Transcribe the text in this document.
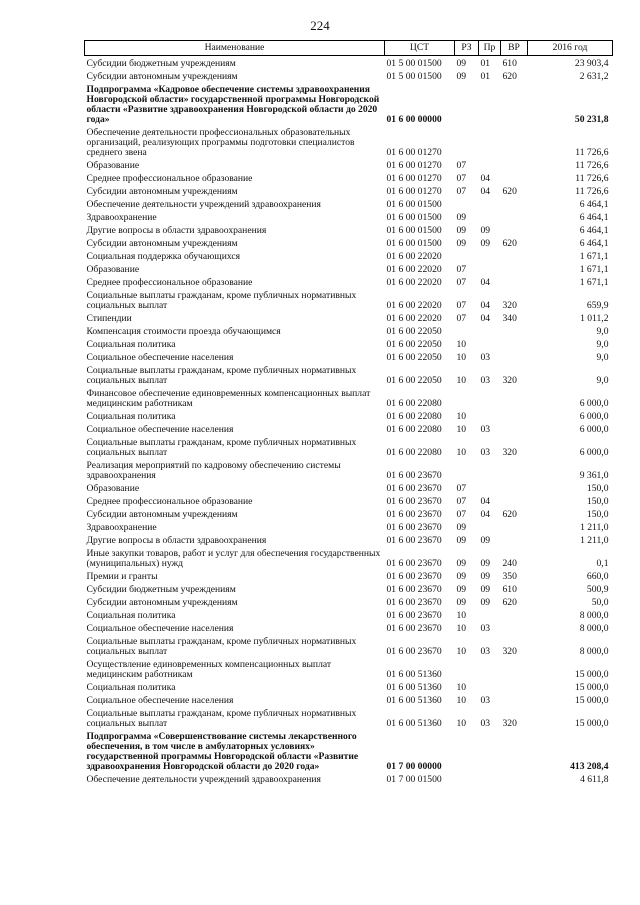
224
Наименование	ЦСТ	РЗ	Пр	ВР	2016 год
Субсидии бюджетным учреждениям	01 5 00 01500	09	01	610	23 903,4
Субсидии автономным учреждениям	01 5 00 01500	09	01	620	2 631,2
Подпрограмма «Кадровое обеспечение системы здравоохранения Новгородской области» государственной программы Новгородской области «Развитие здравоохранения Новгородской области до 2020 года»	01 6 00 00000				50 231,8
Обеспечение деятельности профессиональных образовательных организаций, реализующих программы подготовки специалистов среднего звена	01 6 00 01270				11 726,6
Образование	01 6 00 01270	07			11 726,6
Среднее профессиональное образование	01 6 00 01270	07	04		11 726,6
Субсидии автономным учреждениям	01 6 00 01270	07	04	620	11 726,6
Обеспечение деятельности учреждений здравоохранения	01 6 00 01500				6 464,1
Здравоохранение	01 6 00 01500	09			6 464,1
Другие вопросы в области здравоохранения	01 6 00 01500	09	09		6 464,1
Субсидии автономным учреждениям	01 6 00 01500	09	09	620	6 464,1
Социальная поддержка обучающихся	01 6 00 22020				1 671,1
Образование	01 6 00 22020	07			1 671,1
Среднее профессиональное образование	01 6 00 22020	07	04		1 671,1
Социальные выплаты гражданам, кроме публичных нормативных социальных выплат	01 6 00 22020	07	04	320	659,9
Стипендии	01 6 00 22020	07	04	340	1 011,2
Компенсация стоимости проезда обучающимся	01 6 00 22050				9,0
Социальная политика	01 6 00 22050	10			9,0
Социальное обеспечение населения	01 6 00 22050	10	03		9,0
Социальные выплаты гражданам, кроме публичных нормативных социальных выплат	01 6 00 22050	10	03	320	9,0
Финансовое обеспечение единовременных компенсационных выплат медицинским работникам	01 6 00 22080				6 000,0
Социальная политика	01 6 00 22080	10			6 000,0
Социальное обеспечение населения	01 6 00 22080	10	03		6 000,0
Социальные выплаты гражданам, кроме публичных нормативных социальных выплат	01 6 00 22080	10	03	320	6 000,0
Реализация мероприятий по кадровому обеспечению системы здравоохранения	01 6 00 23670				9 361,0
Образование	01 6 00 23670	07			150,0
Среднее профессиональное образование	01 6 00 23670	07	04		150,0
Субсидии автономным учреждениям	01 6 00 23670	07	04	620	150,0
Здравоохранение	01 6 00 23670	09			1 211,0
Другие вопросы в области здравоохранения	01 6 00 23670	09	09		1 211,0
Иные закупки товаров, работ и услуг для обеспечения государственных (муниципальных) нужд	01 6 00 23670	09	09	240	0,1
Премии и гранты	01 6 00 23670	09	09	350	660,0
Субсидии бюджетным учреждениям	01 6 00 23670	09	09	610	500,9
Субсидии автономным учреждениям	01 6 00 23670	09	09	620	50,0
Социальная политика	01 6 00 23670	10			8 000,0
Социальное обеспечение населения	01 6 00 23670	10	03		8 000,0
Социальные выплаты гражданам, кроме публичных нормативных социальных выплат	01 6 00 23670	10	03	320	8 000,0
Осуществление единовременных компенсационных выплат медицинским работникам	01 6 00 51360				15 000,0
Социальная политика	01 6 00 51360	10			15 000,0
Социальное обеспечение населения	01 6 00 51360	10	03		15 000,0
Социальные выплаты гражданам, кроме публичных нормативных социальных выплат	01 6 00 51360	10	03	320	15 000,0
Подпрограмма «Совершенствование системы лекарственного обеспечения, в том числе в амбулаторных условиях» государственной программы Новгородской области «Развитие здравоохранения Новгородской области до 2020 года»	01 7 00 00000				413 208,4
Обеспечение деятельности учреждений здравоохранения	01 7 00 01500				4 611,8
